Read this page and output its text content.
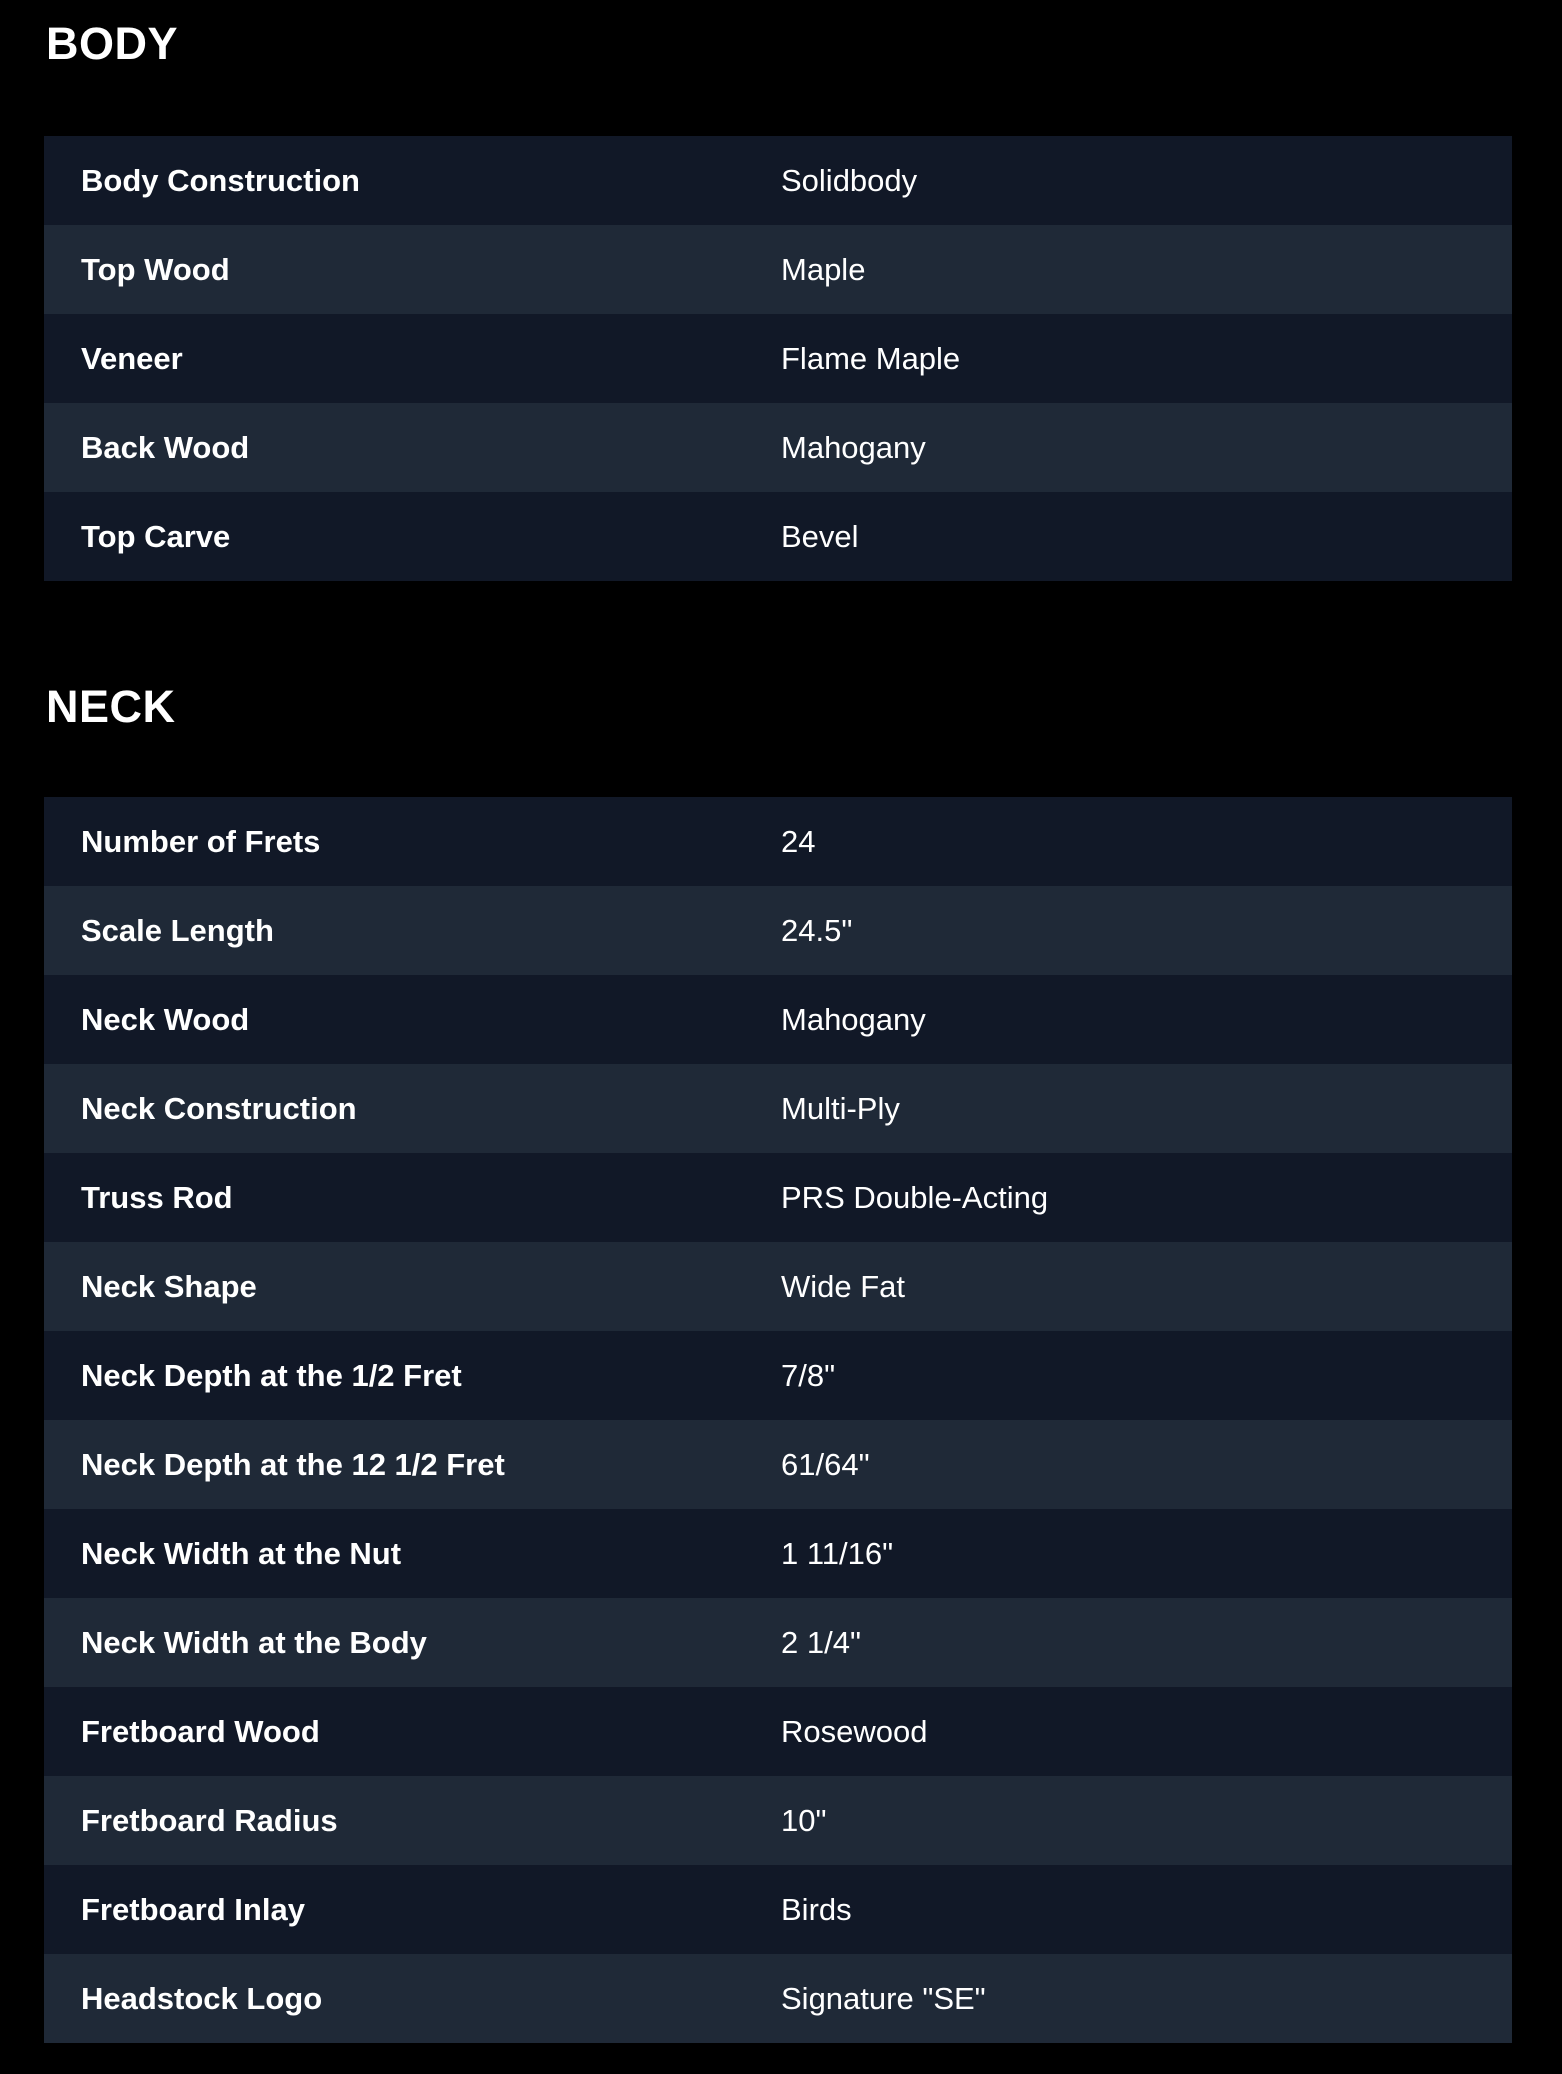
BODY
Body Construction	Solidbody
Top Wood	Maple
Veneer	Flame Maple
Back Wood	Mahogany
Top Carve	Bevel
NECK
Number of Frets	24
Scale Length	24.5"
Neck Wood	Mahogany
Neck Construction	Multi-Ply
Truss Rod	PRS Double-Acting
Neck Shape	Wide Fat
Neck Depth at the 1/2 Fret	7/8"
Neck Depth at the 12 1/2 Fret	61/64"
Neck Width at the Nut	1 11/16"
Neck Width at the Body	2 1/4"
Fretboard Wood	Rosewood
Fretboard Radius	10"
Fretboard Inlay	Birds
Headstock Logo	Signature "SE"
